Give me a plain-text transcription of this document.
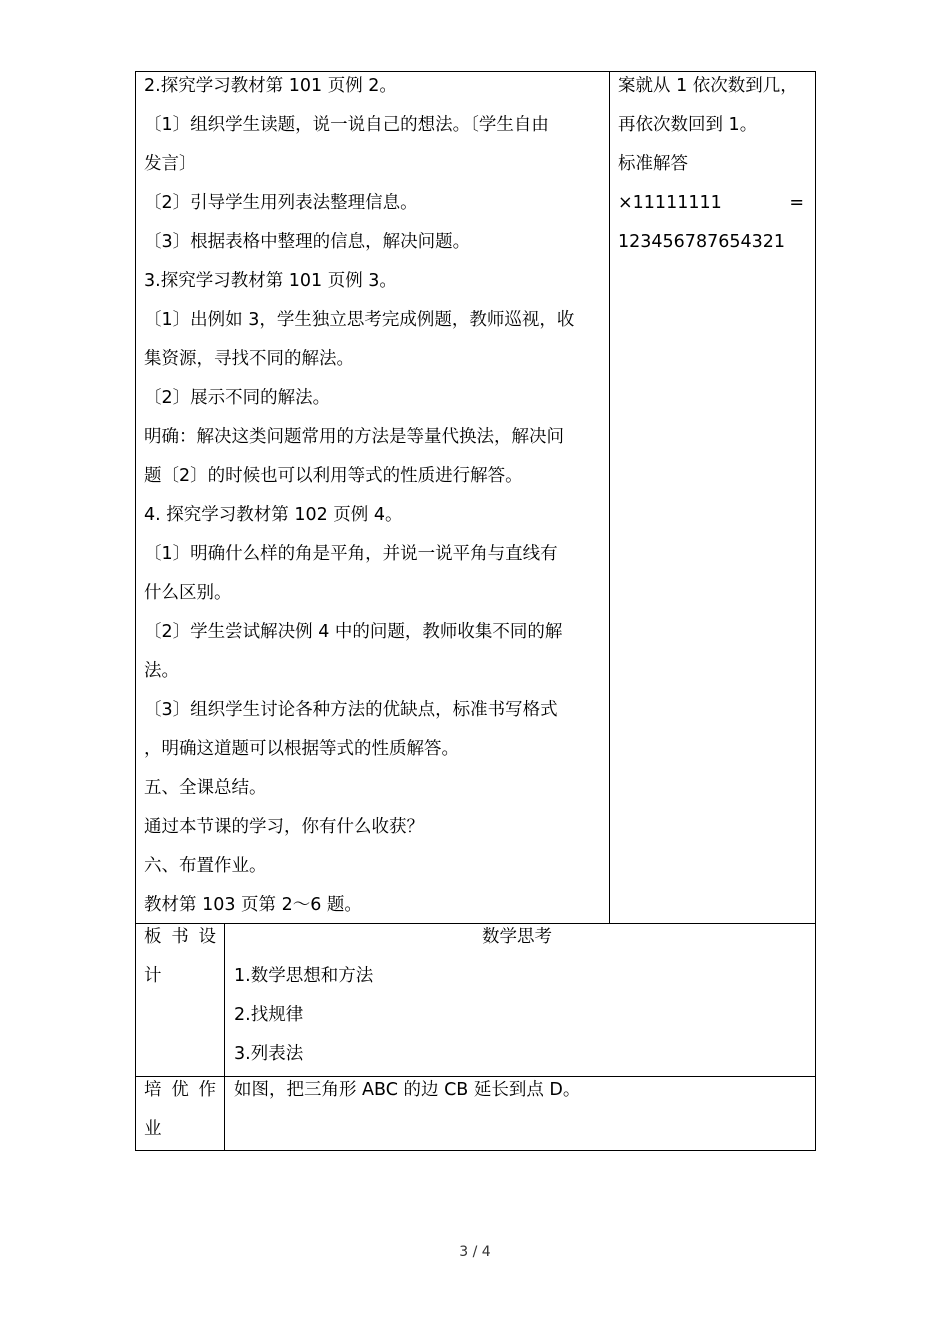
2.探究学习教材第 101 页例 2。
〔1〕组织学生读题，说一说自己的想法。〔学生自由
发言〕
〔2〕引导学生用列表法整理信息。
〔3〕根据表格中整理的信息，解决问题。
3.探究学习教材第 101 页例 3。
〔1〕出例如 3，学生独立思考完成例题，教师巡视，收
集资源，寻找不同的解法。
〔2〕展示不同的解法。
明确：解决这类问题常用的方法是等量代换法，解决问
题〔2〕的时候也可以利用等式的性质进行解答。
4. 探究学习教材第 102 页例 4。
〔1〕明确什么样的角是平角，并说一说平角与直线有
什么区别。
〔2〕学生尝试解决例 4 中的问题，教师收集不同的解
法。
〔3〕组织学生讨论各种方法的优缺点，标准书写格式
，明确这道题可以根据等式的性质解答。
五、全课总结。
通过本节课的学习，你有什么收获？
六、布置作业。
教材第 103 页第 2～6 题。
案就从 1 依次数到几，
再依次数回到 1。
标准解答
×11111111	=
123456787654321
板 书 设
计
数学思考
1.数学思想和方法
2.找规律
3.列表法
培 优 作
业
如图，把三角形 ABC 的边 CB 延长到点 D。
3 / 4
